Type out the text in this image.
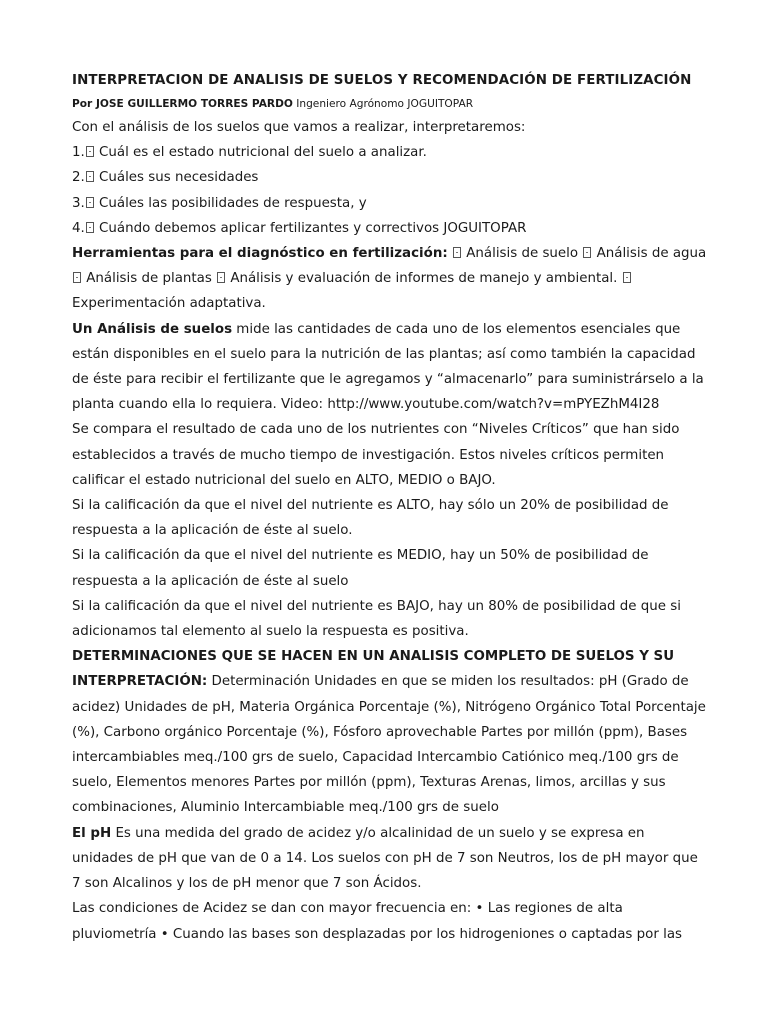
INTERPRETACION DE ANALISIS DE SUELOS Y RECOMENDACIÓN DE FERTILIZACIÓN
Por JOSE GUILLERMO TORRES PARDO Ingeniero Agrónomo JOGUITOPAR
Con el análisis de los suelos que vamos a realizar, interpretaremos:
1. Cuál es el estado nutricional del suelo a analizar.
2. Cuáles sus necesidades
3. Cuáles las posibilidades de respuesta, y
4. Cuándo debemos aplicar fertilizantes y correctivos JOGUITOPAR
Herramientas para el diagnóstico en fertilización:  Análisis de suelo  Análisis de agua
Análisis de plantas  Análisis y evaluación de informes de manejo y ambiental.
Experimentación adaptativa.
Un Análisis de suelos mide las cantidades de cada uno de los elementos esenciales que
están disponibles en el suelo para la nutrición de las plantas; así como también la capacidad
de éste para recibir el fertilizante que le agregamos y “almacenarlo” para suministrárselo a la
planta cuando ella lo requiera. Video: http://www.youtube.com/watch?v=mPYEZhM4I28
Se compara el resultado de cada uno de los nutrientes con “Niveles Críticos” que han sido
establecidos a través de mucho tiempo de investigación. Estos niveles críticos permiten
calificar el estado nutricional del suelo en ALTO, MEDIO o BAJO.
Si la calificación da que el nivel del nutriente es ALTO, hay sólo un 20% de posibilidad de
respuesta a la aplicación de éste al suelo.
Si la calificación da que el nivel del nutriente es MEDIO, hay un 50% de posibilidad de
respuesta a la aplicación de éste al suelo
Si la calificación da que el nivel del nutriente es BAJO, hay un 80% de posibilidad de que si
adicionamos tal elemento al suelo la respuesta es positiva.
DETERMINACIONES QUE SE HACEN EN UN ANALISIS COMPLETO DE SUELOS Y SU
INTERPRETACIÓN: Determinación Unidades en que se miden los resultados: pH (Grado de
acidez) Unidades de pH, Materia Orgánica Porcentaje (%), Nitrógeno Orgánico Total Porcentaje
(%), Carbono orgánico Porcentaje (%), Fósforo aprovechable Partes por millón (ppm), Bases
intercambiables meq./100 grs de suelo, Capacidad Intercambio Catiónico meq./100 grs de
suelo, Elementos menores Partes por millón (ppm), Texturas Arenas, limos, arcillas y sus
combinaciones, Aluminio Intercambiable meq./100 grs de suelo
El pH Es una medida del grado de acidez y/o alcalinidad de un suelo y se expresa en
unidades de pH que van de 0 a 14. Los suelos con pH de 7 son Neutros, los de pH mayor que
7 son Alcalinos y los de pH menor que 7 son Ácidos.
Las condiciones de Acidez se dan con mayor frecuencia en: • Las regiones de alta
pluviometría • Cuando las bases son desplazadas por los hidrogeniones o captadas por las
